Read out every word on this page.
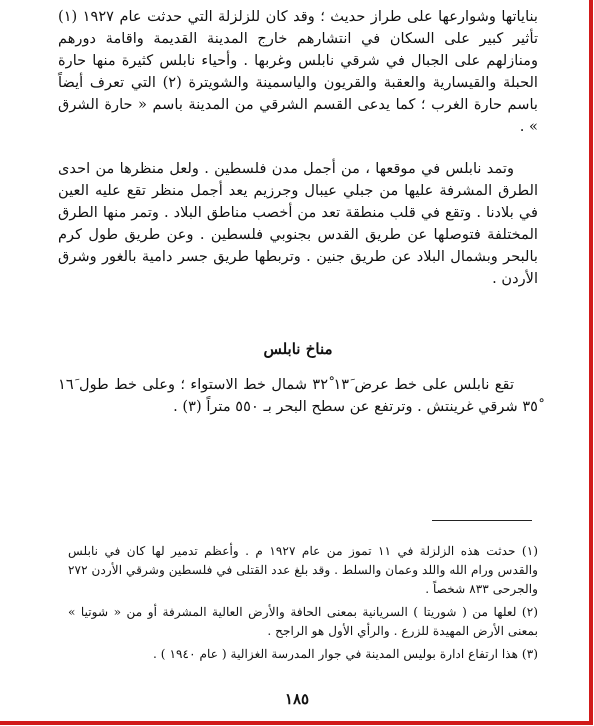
بناياتها وشوارعها على طراز حديث ؛ وقد كان للزلزلة التي حدثت عام ١٩٢٧ (١) تأثير كبير على السكان في انتشارهم خارج المدينة القديمة واقامة دورهم ومنازلهم على الجبال في شرقي نابلس وغربها . وأحياء نابلس كثيرة منها حارة الحبلة والقيسارية والعقبة والقريون والياسمينة والشويترة (٢) التي تعرف أيضاً باسم حارة الغرب ؛ كما يدعى القسم الشرقي من المدينة باسم « حارة الشرق » .

وتمد نابلس في موقعها ، من أجمل مدن فلسطين . ولعل منظرها من احدى الطرق المشرفة عليها من جبلي عيبال وجرزيم يعد أجمل منظر تقع عليه العين في بلادنا . وتقع في قلب منطقة تعد من أخصب مناطق البلاد . وتمر منها الطرق المختلفة فتوصلها عن طريق القدس بجنوبي فلسطين . وعن طريق طول كرم بالبحر وبشمال البلاد عن طريق جنين . وتربطها طريق جسر دامية بالغور وشرق الأردن .

مناخ نابلس

تقع نابلس على خط عرض ١٣َ ٣٢ْ شمال خط الاستواء ؛ وعلى خط طول ١٦َ ٣٥ْ شرقي غرينتش . وترتفع عن سطح البحر بـ ٥٥٠ متراً (٣) .

(١) حدثت هذه الزلزلة في ١١ تموز من عام ١٩٢٧ م . وأعظم تدمير لها كان في نابلس والقدس ورام الله واللد وعمان والسلط . وقد بلغ عدد القتلى في فلسطين وشرقي الأردن ٢٧٢ والجرحى ٨٣٣ شخصاً .

(٢) لعلها من ( شوريتا ) السريانية بمعنى الحافة والأرض العالية المشرفة أو من « شوتيا » بمعنى الأرض المهيدة للزرع . والرأي الأول هو الراجح .

(٣) هذا ارتفاع ادارة بوليس المدينة في جوار المدرسة الغزالية ( عام ١٩٤٠ ) .

١٨٥
